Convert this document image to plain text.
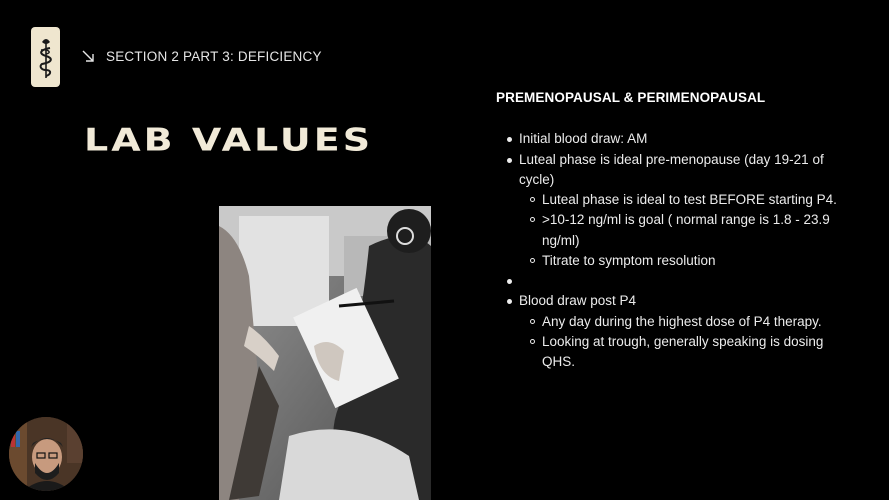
SECTION 2 PART 3: DEFICIENCY
LAB VALUES
PREMENOPAUSAL & PERIMENOPAUSAL
Initial blood draw: AM
Luteal phase is ideal pre-menopause (day 19-21 of cycle)
Luteal phase is ideal to test BEFORE starting P4.
>10-12 ng/ml is goal ( normal range is 1.8 - 23.9 ng/ml)
Titrate to symptom resolution
Blood draw post P4
Any day during the highest dose of P4 therapy.
Looking at trough, generally speaking is dosing QHS.
